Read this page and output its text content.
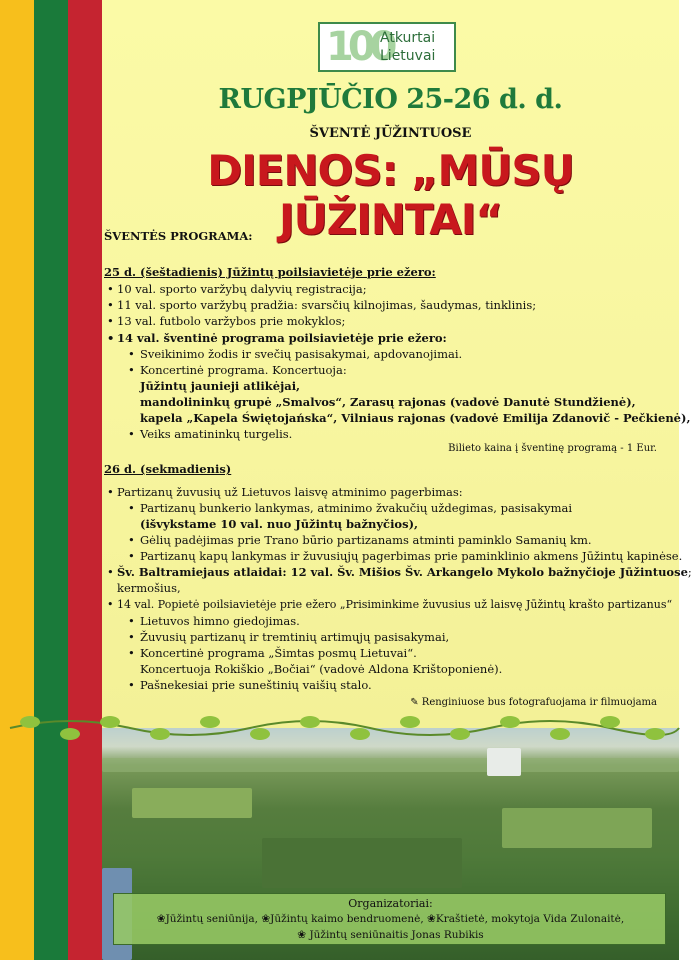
100
Atkurtai
Lietuvai
RUGPJŪČIO 25-26 d. d.
ŠVENTĖ JŪŽINTUOSE
DIENOS: „MŪSŲ JŪŽINTAI“
ŠVENTĖS PROGRAMA:
25 d. (šeštadienis) Jūžintų poilsiavietėje prie ežero:
• 10 val. sporto varžybų dalyvių registracija;
• 11 val. sporto varžybų pradžia: svarsčių kilnojimas, šaudymas, tinklinis;
• 13 val. futbolo varžybos prie mokyklos;
• 14 val. šventinė programa poilsiavietėje prie ežero:
• Sveikinimo žodis ir svečių pasisakymai, apdovanojimai.
• Koncertinė programa. Koncertuoja:
Jūžintų jaunieji atlikėjai,
mandolininkų grupė „Smalvos“, Zarasų rajonas (vadovė Danutė Stundžienė),
kapela „Kapela Świętojańska“, Vilniaus rajonas (vadovė Emilija Zdanovič - Pečkienė),
• Veiks amatininkų turgelis.
Bilieto kaina į šventinę programą - 1 Eur.
26 d. (sekmadienis)
• Partizanų žuvusių už Lietuvos laisvę atminimo pagerbimas:
• Partizanų bunkerio lankymas, atminimo žvakučių uždegimas, pasisakymai
(išvykstame 10 val. nuo Jūžintų bažnyčios),
• Gėlių padėjimas prie Trano būrio partizanams atminti paminklo Samanių km.
• Partizanų kapų lankymas ir žuvusiųjų pagerbimas prie paminklinio akmens Jūžintų kapinėse.
• Šv. Baltramiejaus atlaidai: 12 val. Šv. Mišios Šv. Arkangelo Mykolo bažnyčioje Jūžintuose;
kermošius,
• 14 val. Popietė poilsiavietėje prie ežero „Prisiminkime žuvusius už laisvę Jūžintų krašto partizanus“
• Lietuvos himno giedojimas.
• Žuvusių partizanų ir tremtinių artimųjų pasisakymai,
• Koncertinė programa „Šimtas posmų Lietuvai“.
Koncertuoja Rokiškio „Bočiai“ (vadovė Aldona Krištoponienė).
• Pašnekesiai prie suneštinių vaišių stalo.
✎ Renginiuose bus fotografuojama ir filmuojama
Organizatoriai:
❀Jūžintų seniūnija, ❀Jūžintų kaimo bendruomenė, ❀Kraštietė, mokytoja Vida Zulonaitė,
❀ Jūžintų seniūnaitis Jonas Rubikis
